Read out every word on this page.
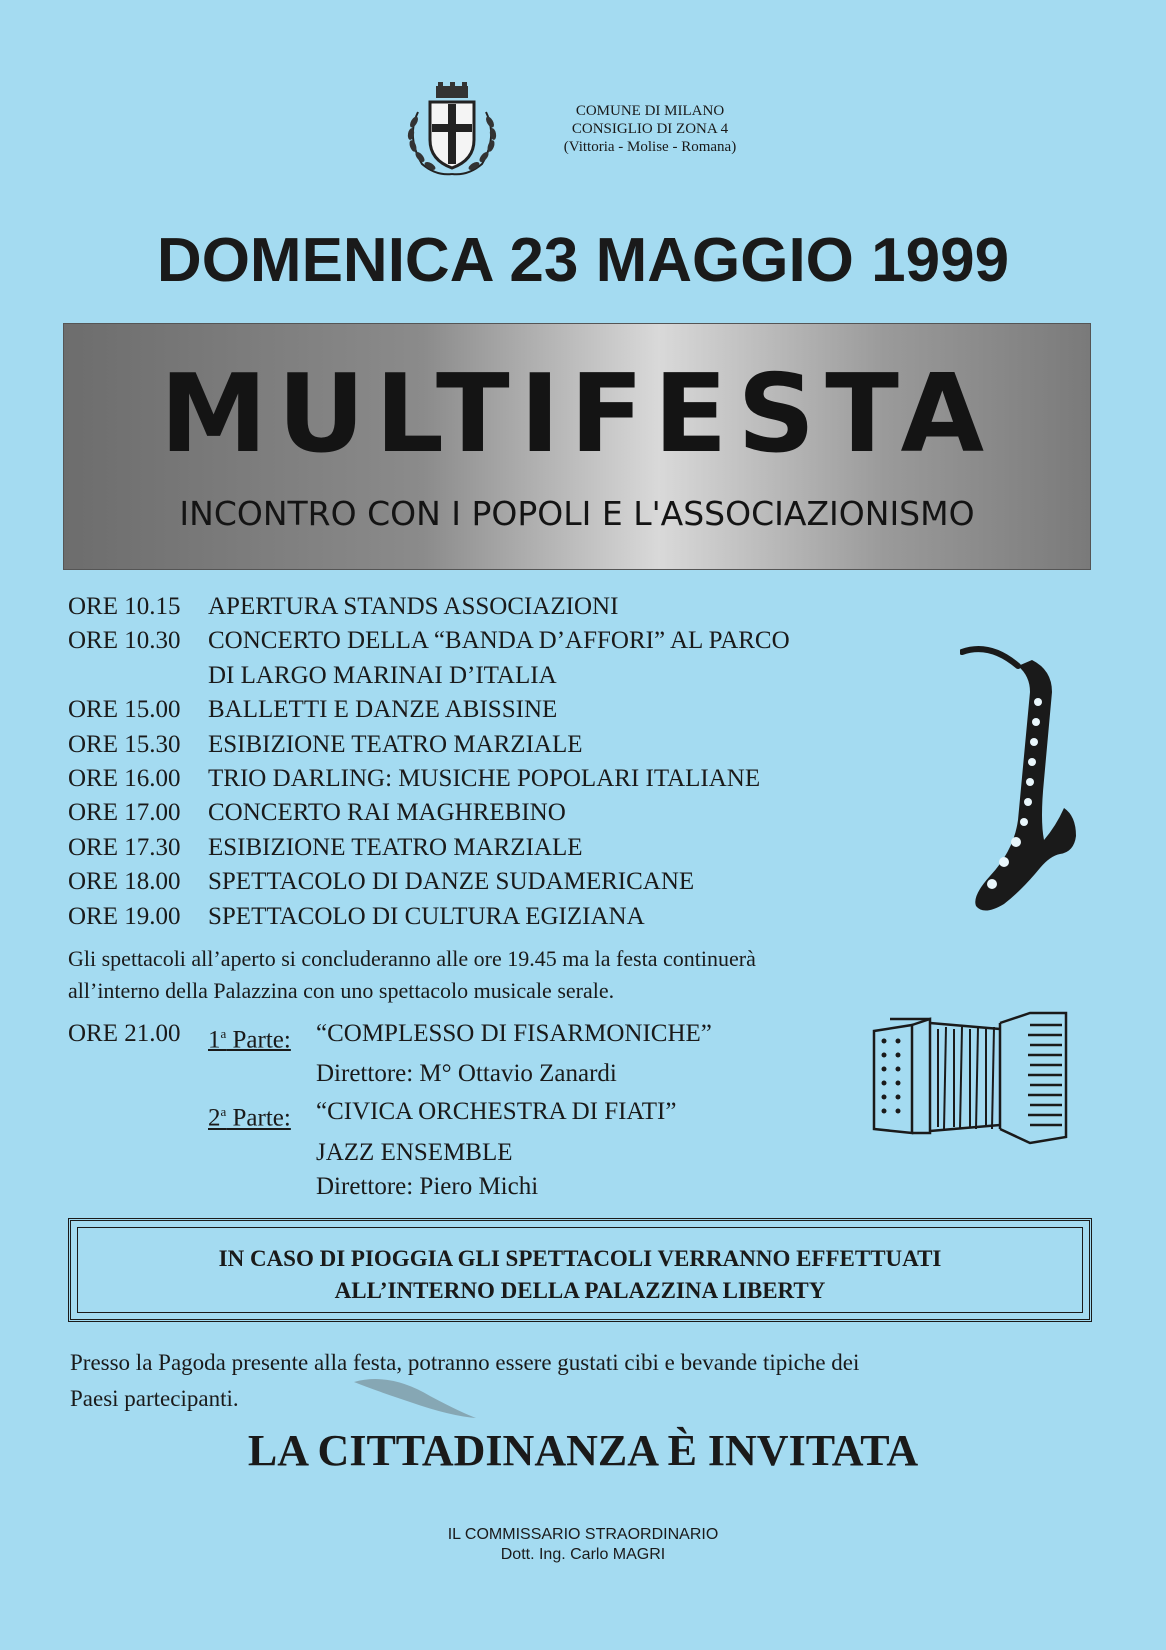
COMUNE DI MILANO
CONSIGLIO DI ZONA 4
(Vittoria - Molise - Romana)
DOMENICA 23 MAGGIO 1999
MULTIFESTA
INCONTRO CON I POPOLI E L'ASSOCIAZIONISMO
ORE 10.15	APERTURA STANDS ASSOCIAZIONI
ORE 10.30	CONCERTO DELLA “BANDA D’AFFORI” AL PARCO
DI LARGO MARINAI D’ITALIA
ORE 15.00	BALLETTI E DANZE ABISSINE
ORE 15.30	ESIBIZIONE TEATRO MARZIALE
ORE 16.00	TRIO DARLING: MUSICHE POPOLARI ITALIANE
ORE 17.00	CONCERTO RAI MAGHREBINO
ORE 17.30	ESIBIZIONE TEATRO MARZIALE
ORE 18.00	SPETTACOLO DI DANZE SUDAMERICANE
ORE 19.00	SPETTACOLO DI CULTURA EGIZIANA
Gli spettacoli all’aperto si concluderanno alle ore 19.45 ma la festa continuerà
all’interno della Palazzina con uno spettacolo musicale serale.
ORE 21.00	1$^a$ Parte:	“COMPLESSO DI FISARMONICHE”
Direttore: M° Ottavio Zanardi
2$^a$ Parte:	“CIVICA ORCHESTRA DI FIATI”
JAZZ ENSEMBLE
Direttore: Piero Michi
IN CASO DI PIOGGIA GLI SPETTACOLI VERRANNO EFFETTUATI
ALL’INTERNO DELLA PALAZZINA LIBERTY
Presso la Pagoda presente alla festa, potranno essere gustati cibi e bevande tipiche dei
Paesi partecipanti.
LA CITTADINANZA È INVITATA
IL COMMISSARIO STRAORDINARIO
Dott. Ing. Carlo MAGRI
